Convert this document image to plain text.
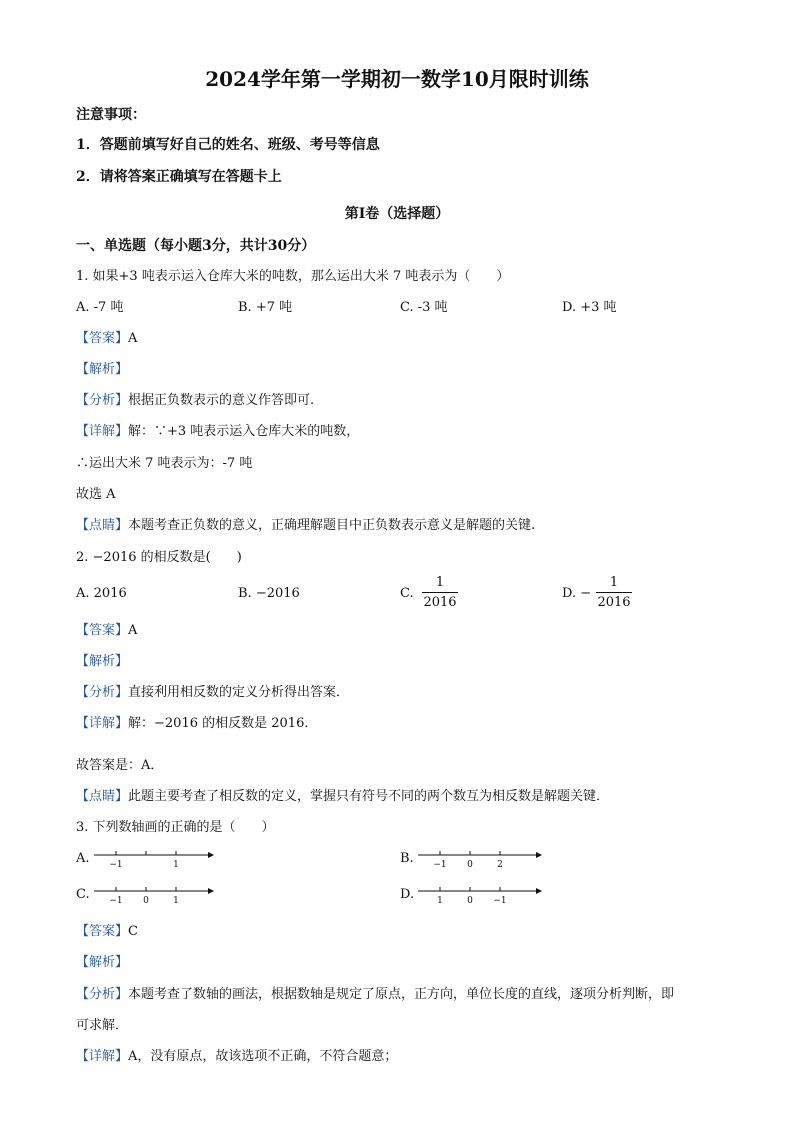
2024学年第一学期初一数学10月限时训练
注意事项：
1．答题前填写好自己的姓名、班级、考号等信息
2．请将答案正确填写在答题卡上
第I卷（选择题）
一、单选题（每小题3分，共计30分）
1. 如果+3 吨表示运入仓库大米的吨数，那么运出大米 7 吨表示为（　　）
A. -7 吨	B. +7 吨	C. -3 吨	D. +3 吨
【答案】A
【解析】
【分析】根据正负数表示的意义作答即可.
【详解】解：∵+3 吨表示运入仓库大米的吨数，
∴运出大米 7 吨表示为：-7 吨
故选 A
【点睛】本题考查正负数的意义，正确理解题目中正负数表示意义是解题的关键.
2. −2016 的相反数是(　　)
A. 2016	B. −2016	C.
1
2016
D. −
1
2016
【答案】A
【解析】
【分析】直接利用相反数的定义分析得出答案．
【详解】解：−2016 的相反数是 2016．
故答案是：A．
【点睛】此题主要考查了相反数的定义，掌握只有符号不同的两个数互为相反数是解题关键．
3. 下列数轴画的正确的是（　　）
A. −1	1	B. −1 0	2
C. −1 0	1	D.	1	0 −1
【答案】C
【解析】
【分析】本题考查了数轴的画法，根据数轴是规定了原点，正方向，单位长度的直线，逐项分析判断，即
可求解．
【详解】A，没有原点，故该选项不正确，不符合题意；
